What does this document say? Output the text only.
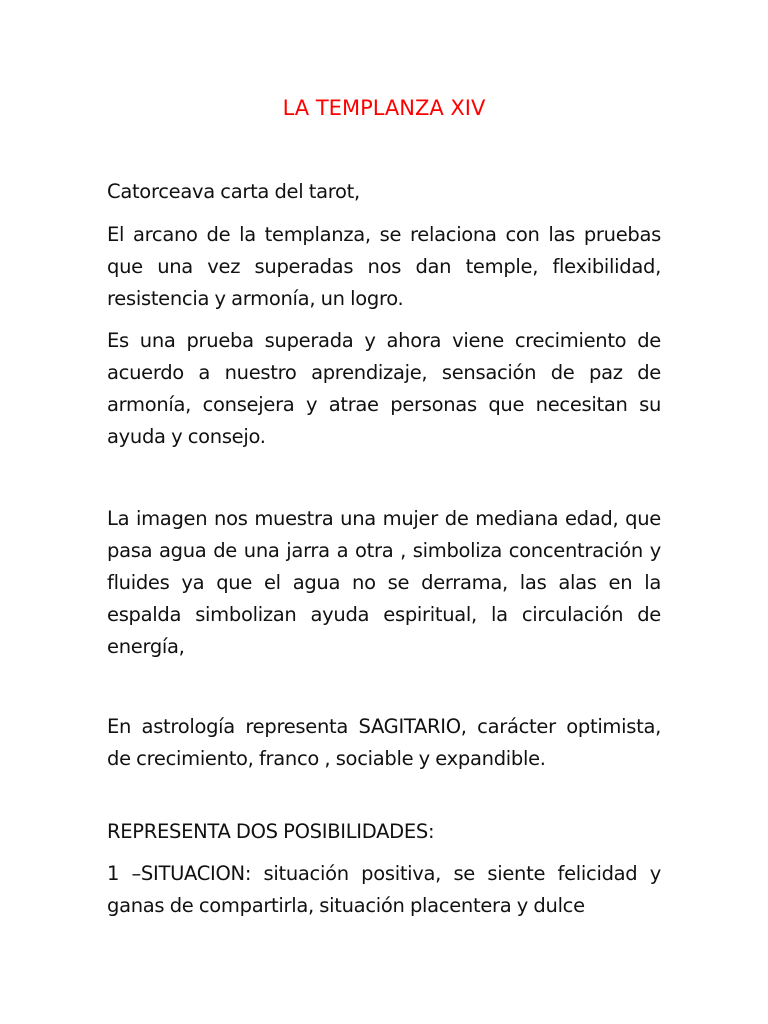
LA TEMPLANZA XIV

Catorceava carta del tarot,

El arcano de la templanza, se relaciona con las pruebas que una vez superadas nos dan temple, flexibilidad, resistencia y armonía, un logro.

Es una prueba superada y ahora viene crecimiento de acuerdo a nuestro aprendizaje, sensación de paz de armonía, consejera y atrae personas que necesitan su ayuda y consejo.

La imagen nos muestra una mujer de mediana edad, que pasa agua de una jarra a otra , simboliza concentración y fluides ya que el agua no se derrama, las alas en la espalda simbolizan ayuda espiritual, la circulación de energía,

En astrología representa SAGITARIO, carácter optimista, de crecimiento, franco , sociable y expandible.

REPRESENTA DOS POSIBILIDADES:

1 –SITUACION: situación positiva, se siente felicidad y ganas de compartirla, situación placentera y dulce
